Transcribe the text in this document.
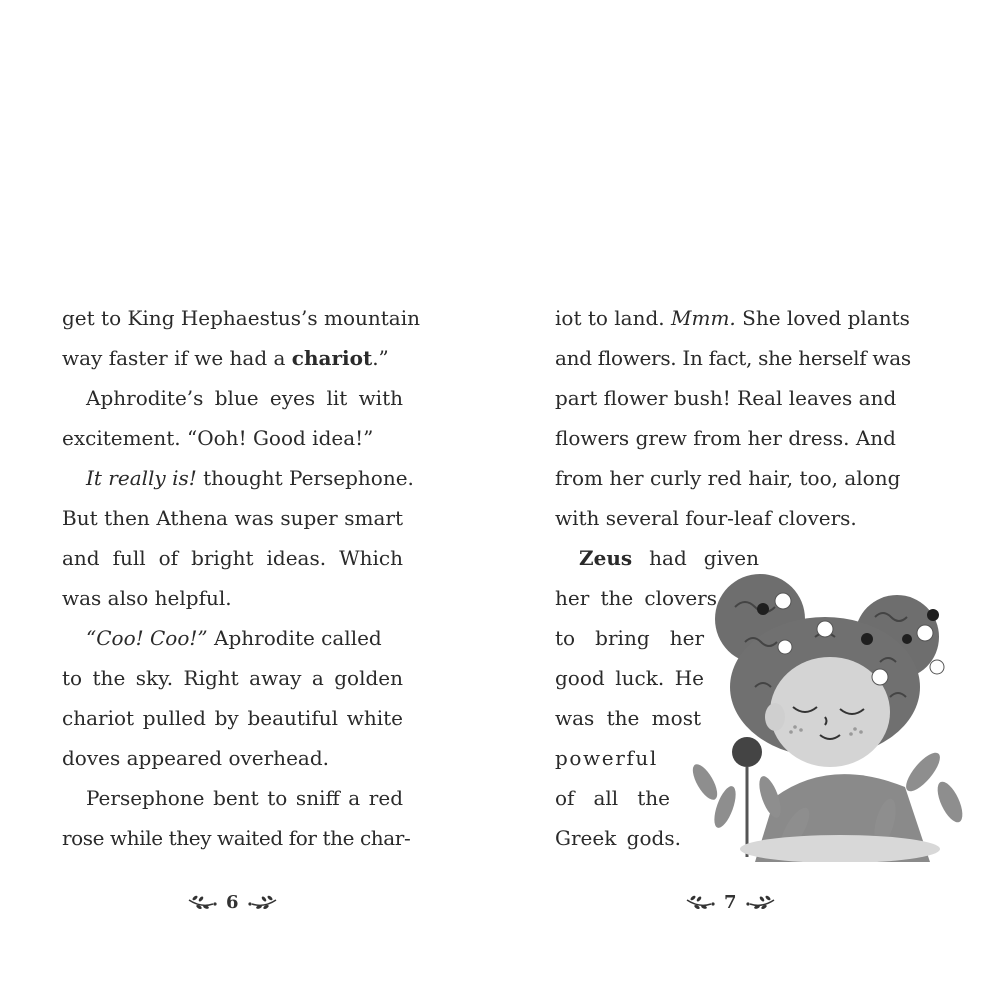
get to King Hephaestus’s mountain
way faster if we had a chariot.”
Aphrodite’s blue eyes lit with
excitement. “Ooh! Good idea!”
It really is! thought Persephone.
But then Athena was super smart
and full of bright ideas. Which
was also helpful.
“Coo! Coo!” Aphrodite called
to the sky. Right away a golden
chariot pulled by beautiful white
doves appeared overhead.
Persephone bent to sniff a red
rose while they waited for the char-
6
iot to land. Mmm. She loved plants
and flowers. In fact, she herself was
part flower bush! Real leaves and
flowers grew from her dress. And
from her curly red hair, too, along
with several four-leaf clovers.
Zeus had given
her the clovers
to bring her
good luck. He
was the most
powerful
of all the
Greek gods.
7
